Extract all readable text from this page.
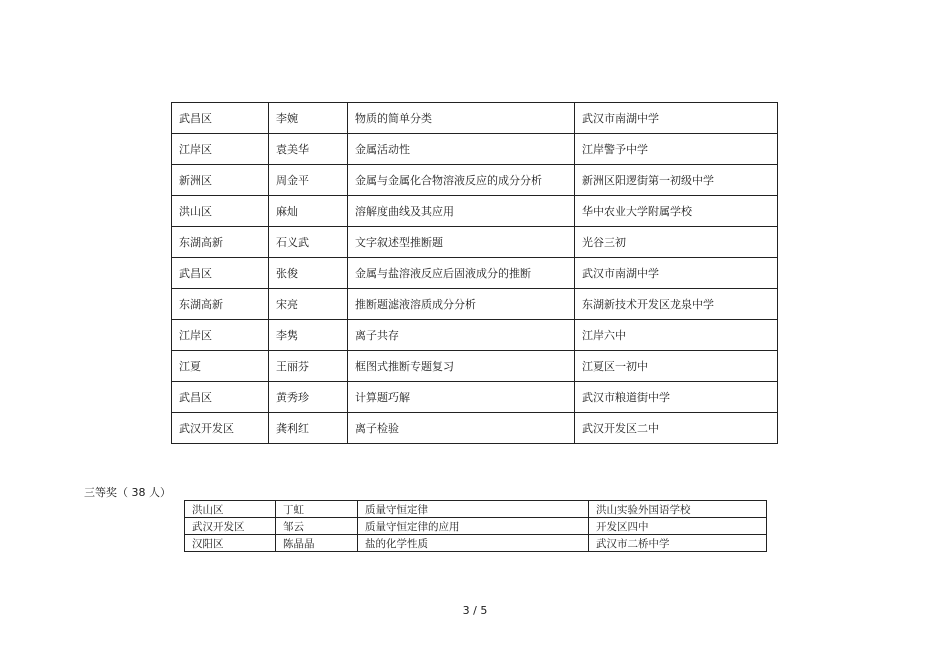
武昌区	李婉	物质的简单分类	武汉市南湖中学
江岸区	袁美华	金属活动性	江岸警予中学
新洲区	周金平	金属与金属化合物溶液反应的成分分析	新洲区阳逻街第一初级中学
洪山区	麻灿	溶解度曲线及其应用	华中农业大学附属学校
东湖高新	石义武	文字叙述型推断题	光谷三初
武昌区	张俊	金属与盐溶液反应后固液成分的推断	武汉市南湖中学
东湖高新	宋亮	推断题滤液溶质成分分析	东湖新技术开发区龙泉中学
江岸区	李隽	离子共存	江岸六中
江夏	王丽芬	框图式推断专题复习	江夏区一初中
武昌区	黄秀珍	计算题巧解	武汉市粮道街中学
武汉开发区	龚利红	离子检验	武汉开发区二中
三等奖（ 38 人）
洪山区	丁虹	质量守恒定律	洪山实验外国语学校
武汉开发区	邹云	质量守恒定律的应用	开发区四中
汉阳区	陈晶晶	盐的化学性质	武汉市二桥中学
3 / 5
